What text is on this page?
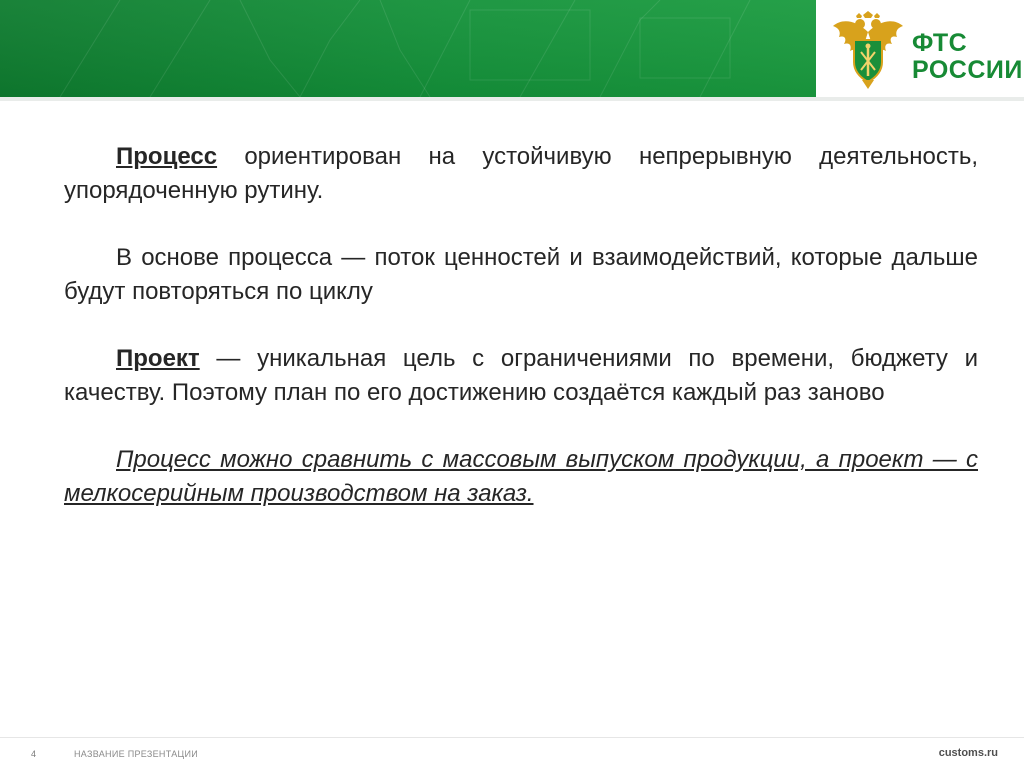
ФТС
РОССИИ

Процесс ориентирован на устойчивую непрерывную деятельность, упорядоченную рутину.

В основе процесса — поток ценностей и взаимодействий, которые дальше будут повторяться по циклу

Проект — уникальная цель с ограничениями по времени, бюджету и качеству. Поэтому план по его достижению создаётся каждый раз заново

Процесс можно сравнить с массовым выпуском продукции, а проект — с мелкосерийным производством на заказ.

4	НАЗВАНИЕ ПРЕЗЕНТАЦИИ	customs.ru
